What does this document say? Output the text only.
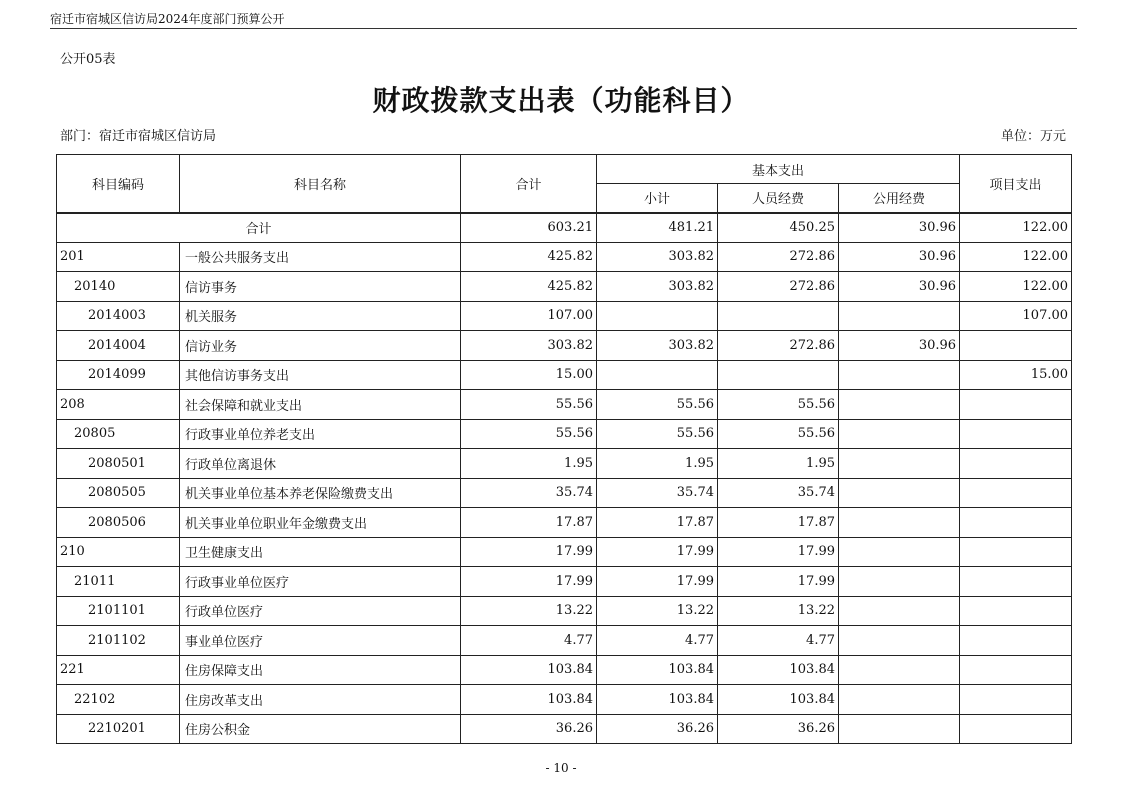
宿迁市宿城区信访局2024年度部门预算公开
公开05表
财政拨款支出表（功能科目）
部门：宿迁市宿城区信访局	单位：万元
科目编码	科目名称	合计	基本支出			项目支出
			小计	人员经费	公用经费	
合计		603.21	481.21	450.25	30.96	122.00
201	一般公共服务支出	425.82	303.82	272.86	30.96	122.00
20140	信访事务	425.82	303.82	272.86	30.96	122.00
2014003	机关服务	107.00				107.00
2014004	信访业务	303.82	303.82	272.86	30.96	
2014099	其他信访事务支出	15.00				15.00
208	社会保障和就业支出	55.56	55.56	55.56		
20805	行政事业单位养老支出	55.56	55.56	55.56		
2080501	行政单位离退休	1.95	1.95	1.95		
2080505	机关事业单位基本养老保险缴费支出	35.74	35.74	35.74		
2080506	机关事业单位职业年金缴费支出	17.87	17.87	17.87		
210	卫生健康支出	17.99	17.99	17.99		
21011	行政事业单位医疗	17.99	17.99	17.99		
2101101	行政单位医疗	13.22	13.22	13.22		
2101102	事业单位医疗	4.77	4.77	4.77		
221	住房保障支出	103.84	103.84	103.84		
22102	住房改革支出	103.84	103.84	103.84		
2210201	住房公积金	36.26	36.26	36.26		
- 10 -
